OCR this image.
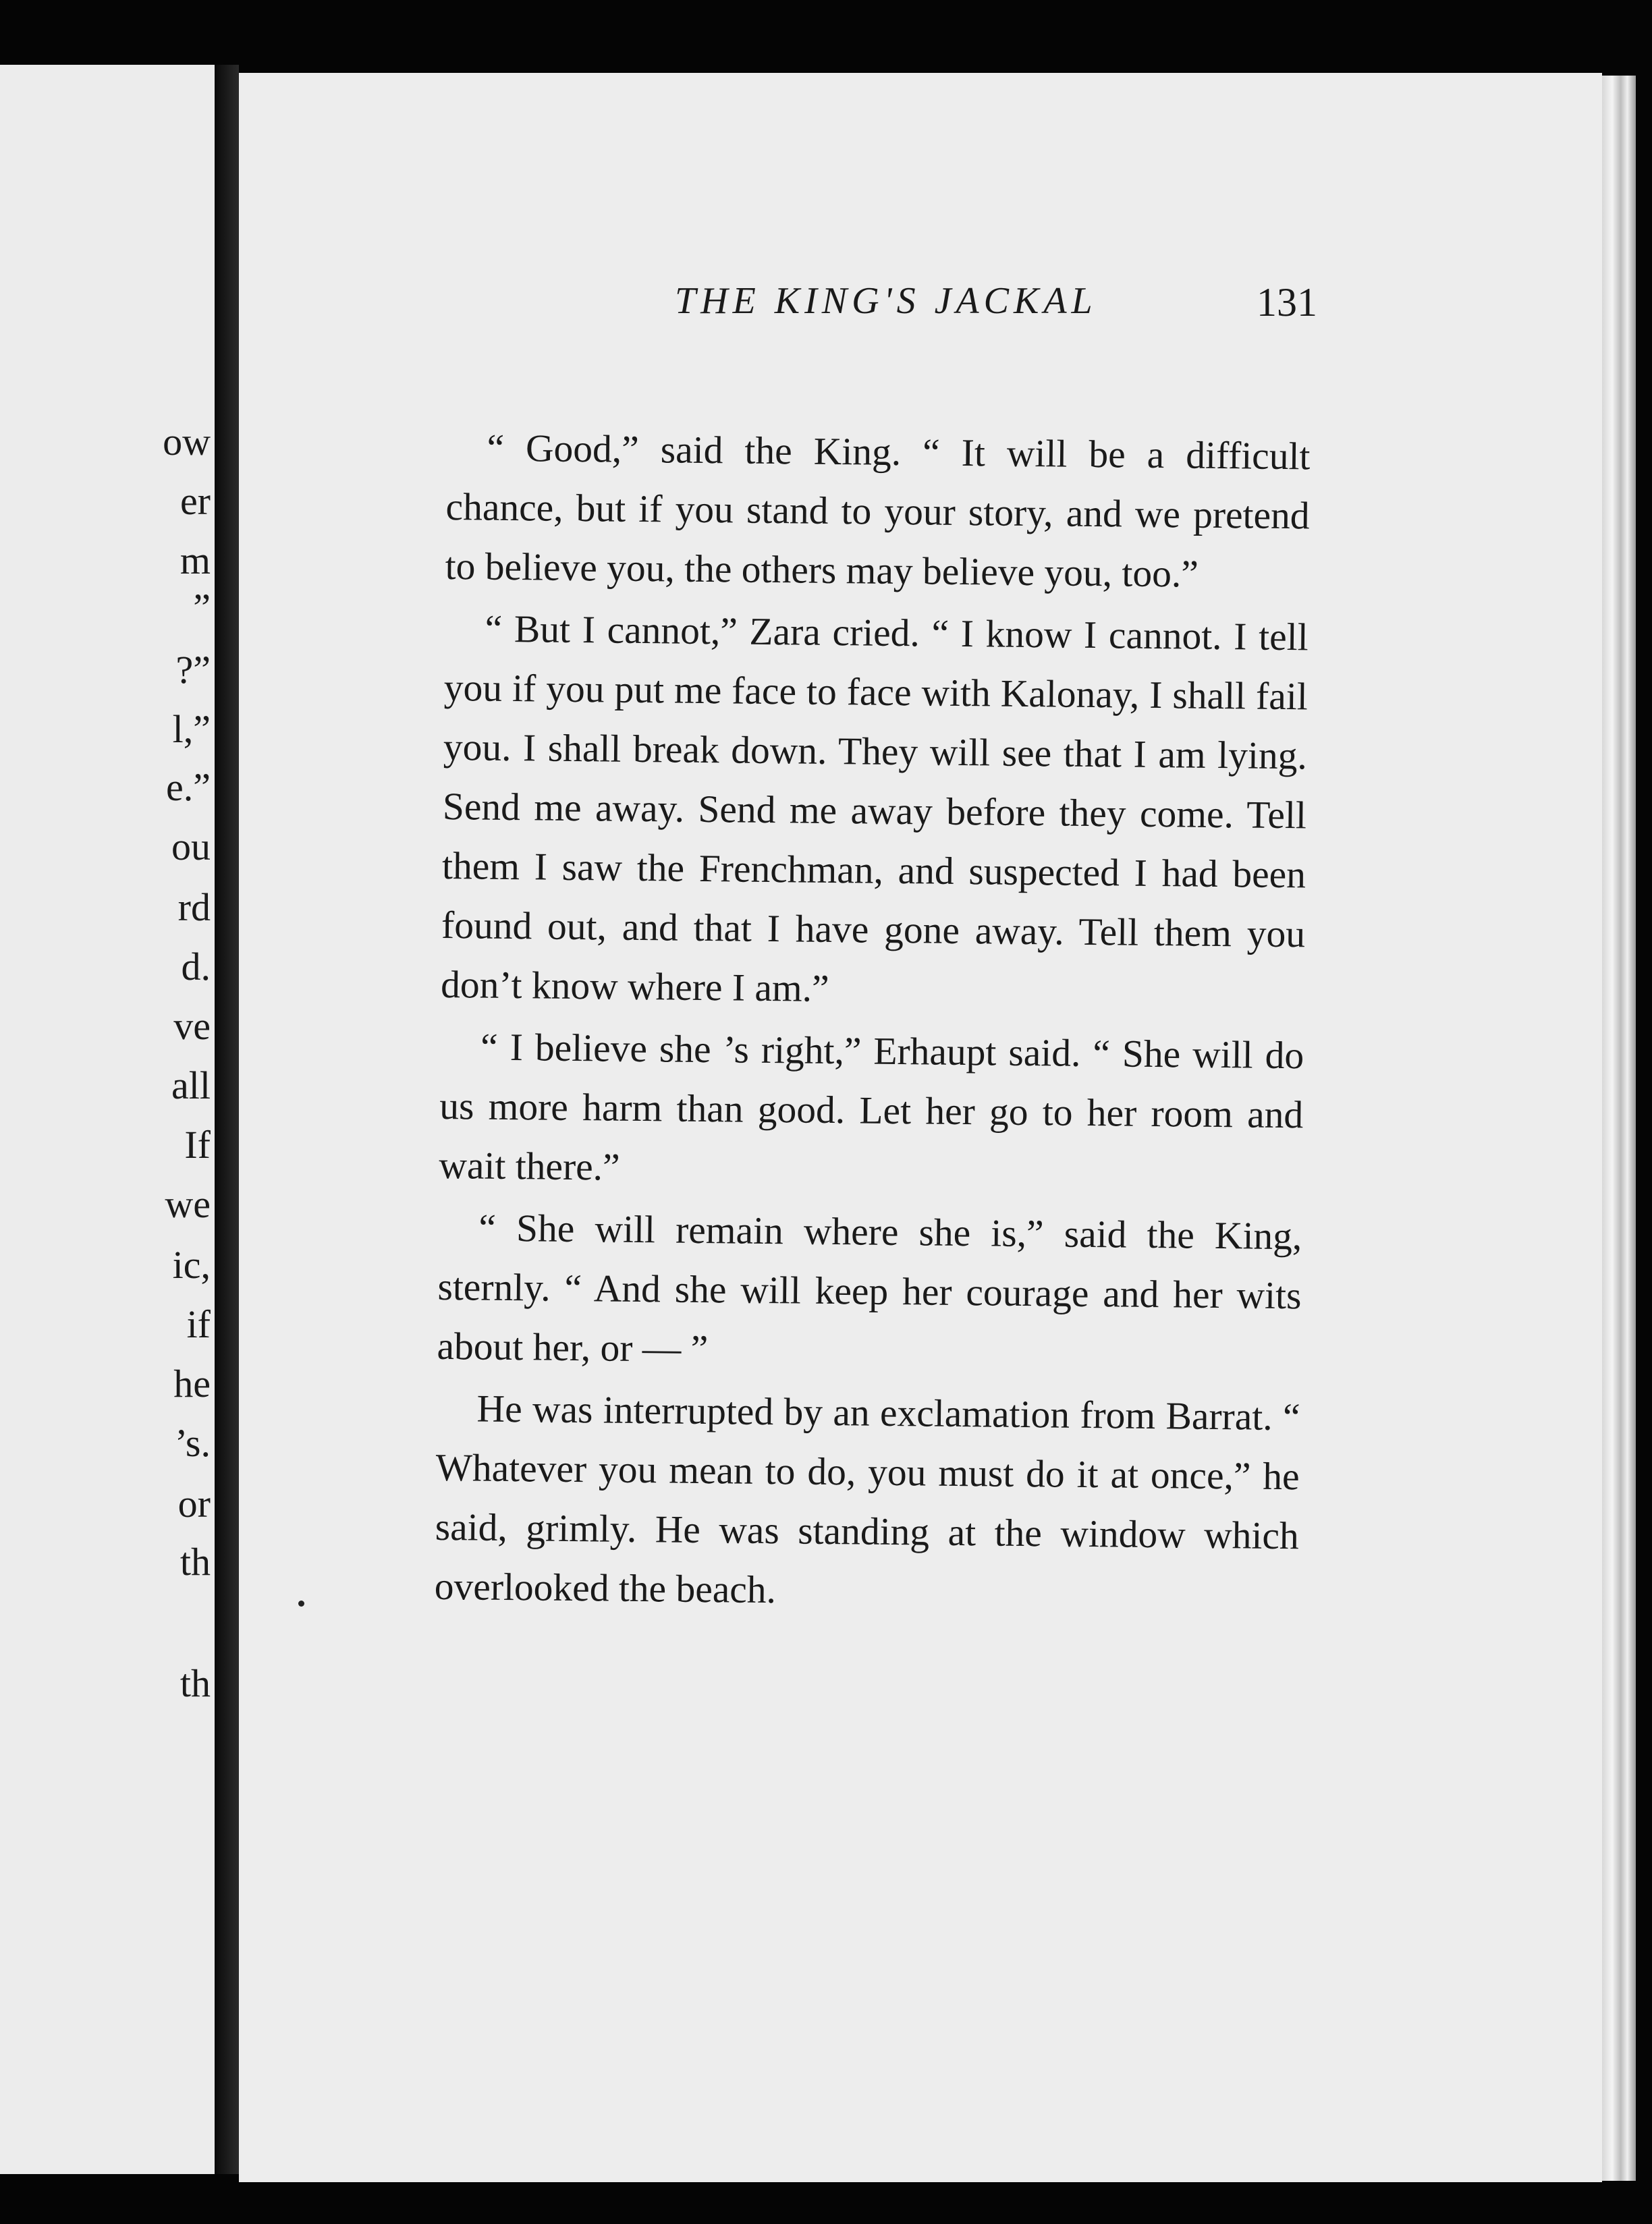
ow
er
m
”
?”
l,”
e.”
ou
rd
d.
ve
all
If
we
ic,
if
he
’s.
or
th
th
THE KING'S JACKAL	131

“ Good,” said the King. “ It will be a difficult chance, but if you stand to your story, and we pretend to believe you, the others may believe you, too.”

“ But I cannot,” Zara cried. “ I know I cannot. I tell you if you put me face to face with Kalonay, I shall fail you. I shall break down. They will see that I am lying. Send me away. Send me away before they come. Tell them I saw the Frenchman, and suspected I had been found out, and that I have gone away. Tell them you don’t know where I am.”

“ I believe she ’s right,” Erhaupt said. “ She will do us more harm than good. Let her go to her room and wait there.”

“ She will remain where she is,” said the King, sternly. “ And she will keep her courage and her wits about her, or — ”

He was interrupted by an exclamation from Barrat. “ Whatever you mean to do, you must do it at once,” he said, grimly. He was standing at the window which overlooked the beach.
